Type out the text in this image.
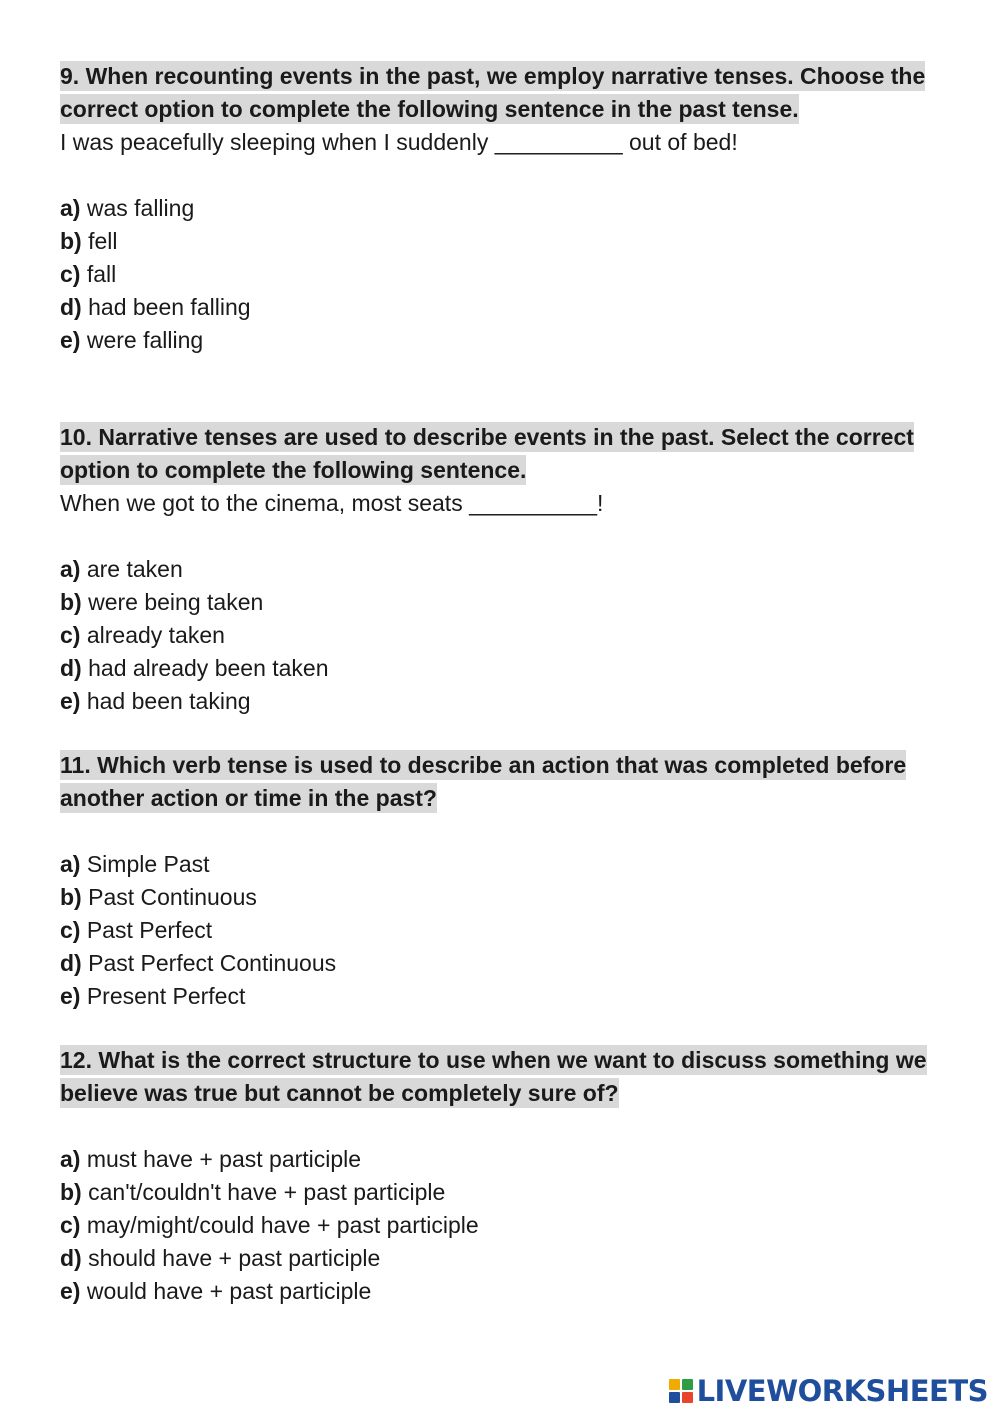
9. When recounting events in the past, we employ narrative tenses. Choose the correct option to complete the following sentence in the past tense.

I was peacefully sleeping when I suddenly __________ out of bed!

a) was falling
b) fell
c) fall
d) had been falling
e) were falling

10. Narrative tenses are used to describe events in the past. Select the correct option to complete the following sentence.

When we got to the cinema, most seats __________!

a) are taken
b) were being taken
c) already taken
d) had already been taken
e) had been taking

11. Which verb tense is used to describe an action that was completed before another action or time in the past?

a) Simple Past
b) Past Continuous
c) Past Perfect
d) Past Perfect Continuous
e) Present Perfect

12. What is the correct structure to use when we want to discuss something we believe was true but cannot be completely sure of?

a) must have + past participle
b) can't/couldn't have + past participle
c) may/might/could have + past participle
d) should have + past participle
e) would have + past participle
LIVEWORKSHEETS
